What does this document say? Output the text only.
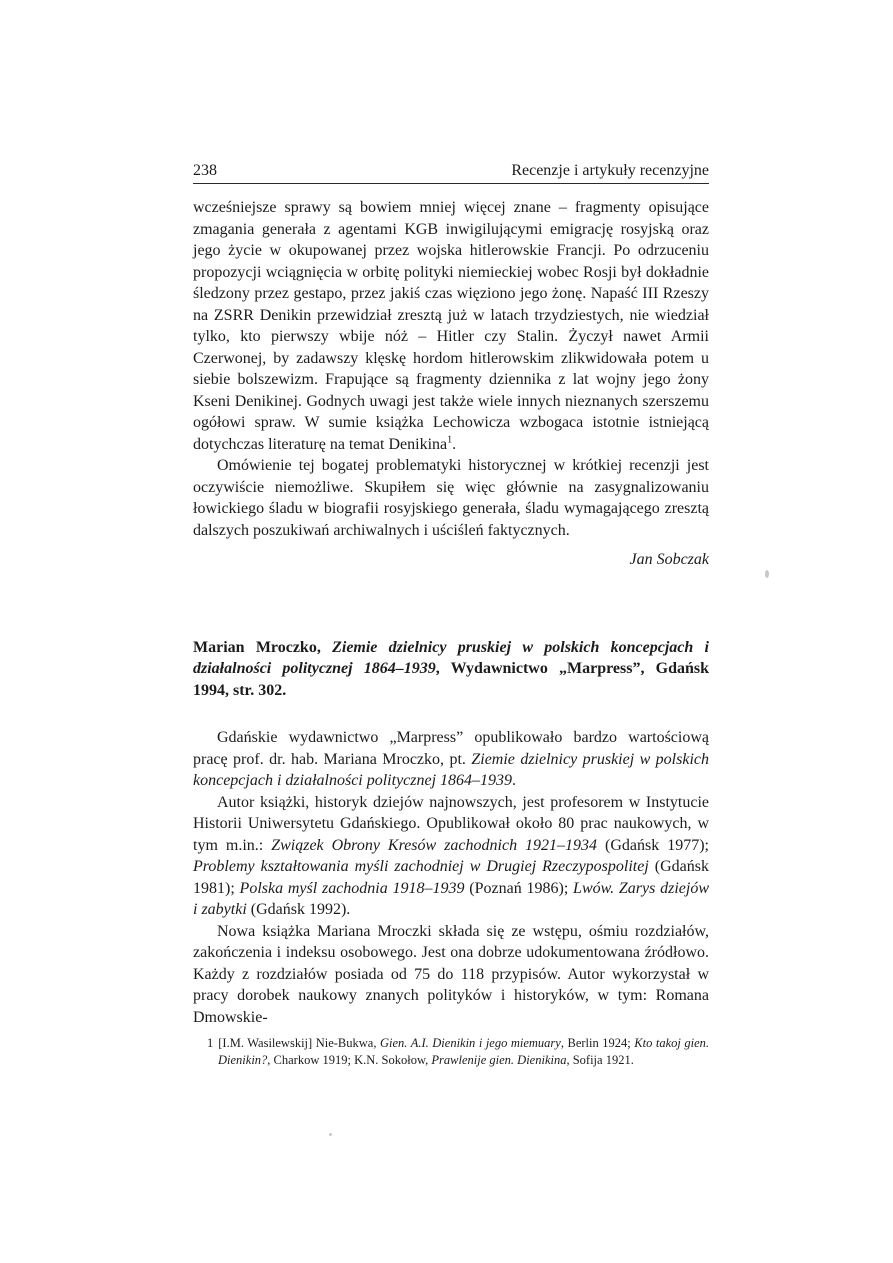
238	Recenzje i artykuły recenzyjne

wcześniejsze sprawy są bowiem mniej więcej znane – fragmenty opisujące zmagania generała z agentami KGB inwigilującymi emigrację rosyjską oraz jego życie w okupowanej przez wojska hitlerowskie Francji. Po odrzuceniu propozycji wciągnięcia w orbitę polityki niemieckiej wobec Rosji był dokładnie śledzony przez gestapo, przez jakiś czas więziono jego żonę. Napaść III Rzeszy na ZSRR Denikin przewidział zresztą już w latach trzydziestych, nie wiedział tylko, kto pierwszy wbije nóż – Hitler czy Stalin. Życzył nawet Armii Czerwonej, by zadawszy klęskę hordom hitlerowskim zlikwidowała potem u siebie bolszewizm. Frapujące są fragmenty dziennika z lat wojny jego żony Kseni Denikinej. Godnych uwagi jest także wiele innych nieznanych szerszemu ogółowi spraw. W sumie książka Lechowicza wzbogaca istotnie istniejącą dotychczas literaturę na temat Denikina$^1$.

Omówienie tej bogatej problematyki historycznej w krótkiej recenzji jest oczywiście niemożliwe. Skupiłem się więc głównie na zasygnalizowaniu łowickiego śladu w biografii rosyjskiego generała, śladu wymagającego zresztą dalszych poszukiwań archiwalnych i uściśleń faktycznych.

Jan Sobczak

Marian Mroczko, Ziemie dzielnicy pruskiej w polskich koncepcjach i działalności politycznej 1864–1939, Wydawnictwo „Marpress”, Gdańsk 1994, str. 302.

Gdańskie wydawnictwo „Marpress” opublikowało bardzo wartościową pracę prof. dr. hab. Mariana Mroczko, pt. Ziemie dzielnicy pruskiej w polskich koncepcjach i działalności politycznej 1864–1939.

Autor książki, historyk dziejów najnowszych, jest profesorem w Instytucie Historii Uniwersytetu Gdańskiego. Opublikował około 80 prac naukowych, w tym m.in.: Związek Obrony Kresów zachodnich 1921–1934 (Gdańsk 1977); Problemy kształtowania myśli zachodniej w Drugiej Rzeczypospolitej (Gdańsk 1981); Polska myśl zachodnia 1918–1939 (Poznań 1986); Lwów. Zarys dziejów i zabytki (Gdańsk 1992).

Nowa książka Mariana Mroczki składa się ze wstępu, ośmiu rozdziałów, zakończenia i indeksu osobowego. Jest ona dobrze udokumentowana źródłowo. Każdy z rozdziałów posiada od 75 do 118 przypisów. Autor wykorzystał w pracy dorobek naukowy znanych polityków i historyków, w tym: Romana Dmowskie-

1 [I.M. Wasilewskij] Nie-Bukwa, Gien. A.I. Dienikin i jego miemuary, Berlin 1924; Kto takoj gien. Dienikin?, Charkow 1919; K.N. Sokołow, Prawlenije gien. Dienikina, Sofija 1921.
